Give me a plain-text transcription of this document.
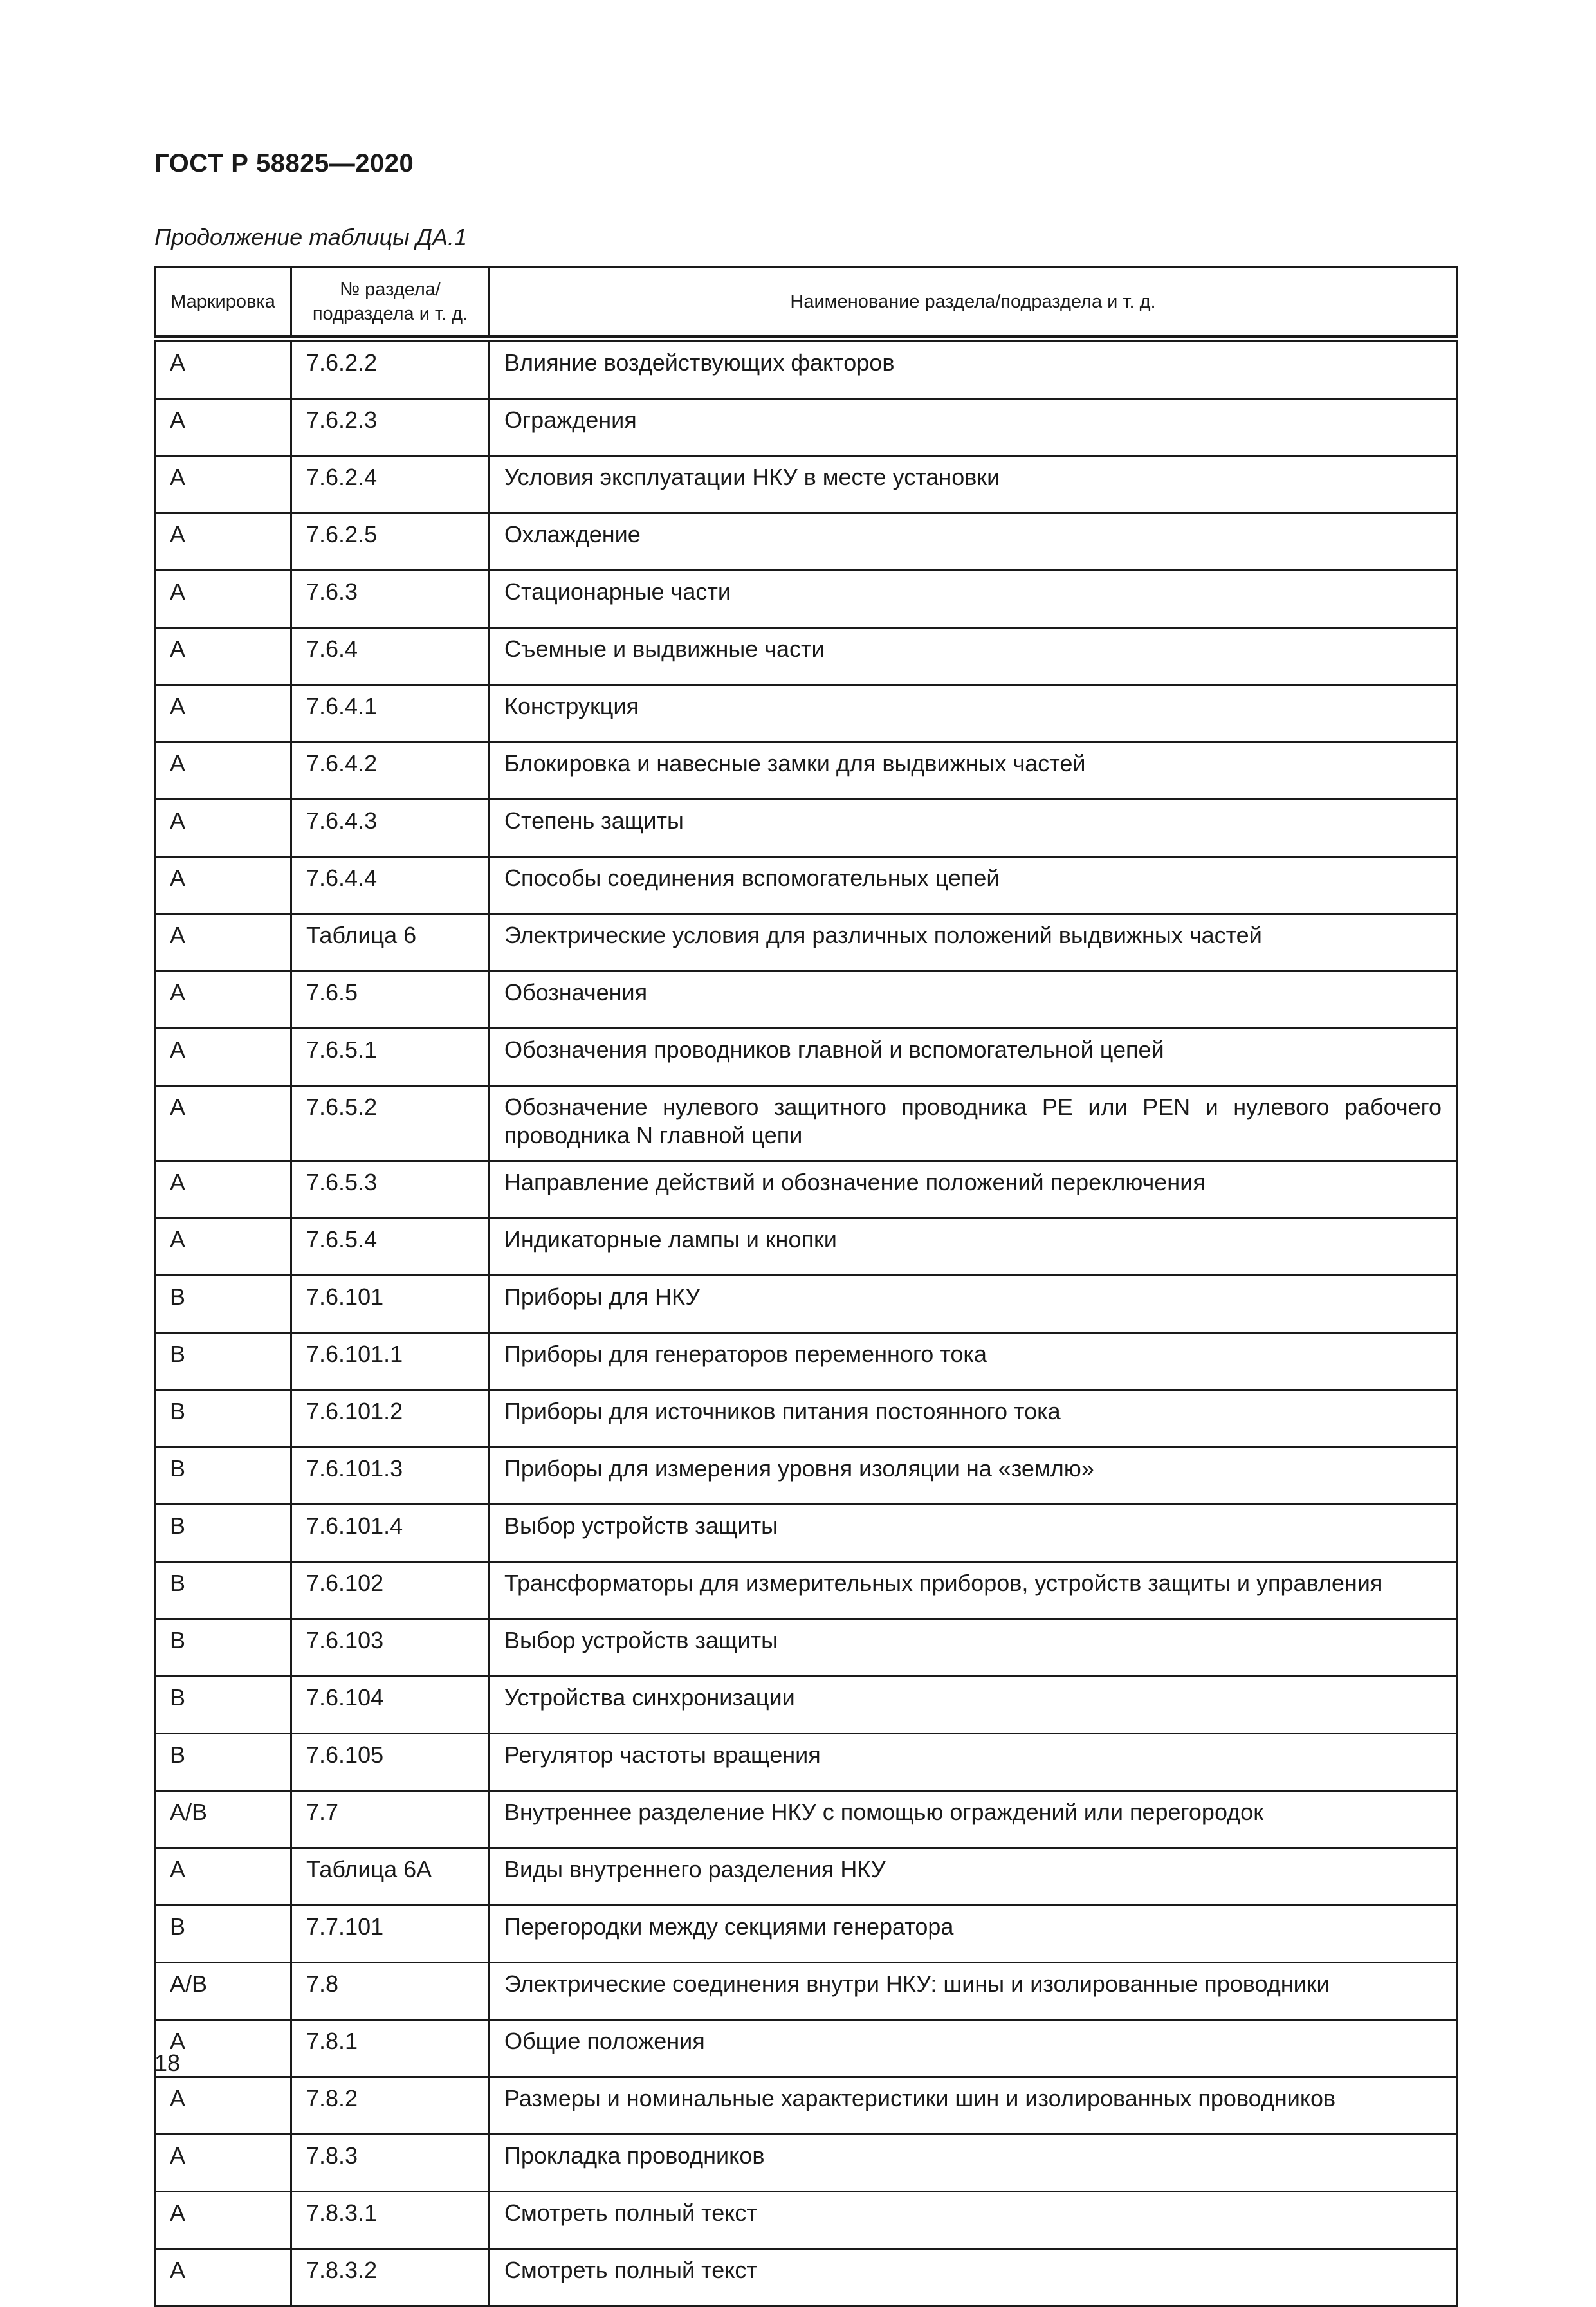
ГОСТ Р 58825—2020
Продолжение таблицы ДА.1
Маркировка	№ раздела/ подраздела и т. д.	Наименование раздела/подраздела и т. д.
A	7.6.2.2	Влияние воздействующих факторов
A	7.6.2.3	Ограждения
A	7.6.2.4	Условия эксплуатации НКУ в месте установки
A	7.6.2.5	Охлаждение
A	7.6.3	Стационарные части
A	7.6.4	Съемные и выдвижные части
A	7.6.4.1	Конструкция
A	7.6.4.2	Блокировка и навесные замки для выдвижных частей
A	7.6.4.3	Степень защиты
A	7.6.4.4	Способы соединения вспомогательных цепей
A	Таблица 6	Электрические условия для различных положений выдвижных частей
A	7.6.5	Обозначения
A	7.6.5.1	Обозначения проводников главной и вспомогательной цепей
A	7.6.5.2	Обозначение нулевого защитного проводника PE или PEN и нулевого рабочего проводника N главной цепи
A	7.6.5.3	Направление действий и обозначение положений переключения
A	7.6.5.4	Индикаторные лампы и кнопки
B	7.6.101	Приборы для НКУ
B	7.6.101.1	Приборы для генераторов переменного тока
B	7.6.101.2	Приборы для источников питания постоянного тока
B	7.6.101.3	Приборы для измерения уровня изоляции на «землю»
B	7.6.101.4	Выбор устройств защиты
B	7.6.102	Трансформаторы для измерительных приборов, устройств защиты и управления
B	7.6.103	Выбор устройств защиты
B	7.6.104	Устройства синхронизации
B	7.6.105	Регулятор частоты вращения
A/B	7.7	Внутреннее разделение НКУ с помощью ограждений или перегородок
A	Таблица 6А	Виды внутреннего разделения НКУ
B	7.7.101	Перегородки между секциями генератора
A/B	7.8	Электрические соединения внутри НКУ: шины и изолированные проводники
A	7.8.1	Общие положения
A	7.8.2	Размеры и номинальные характеристики шин и изолированных проводников
A	7.8.3	Прокладка проводников
A	7.8.3.1	Смотреть полный текст
A	7.8.3.2	Смотреть полный текст
18
